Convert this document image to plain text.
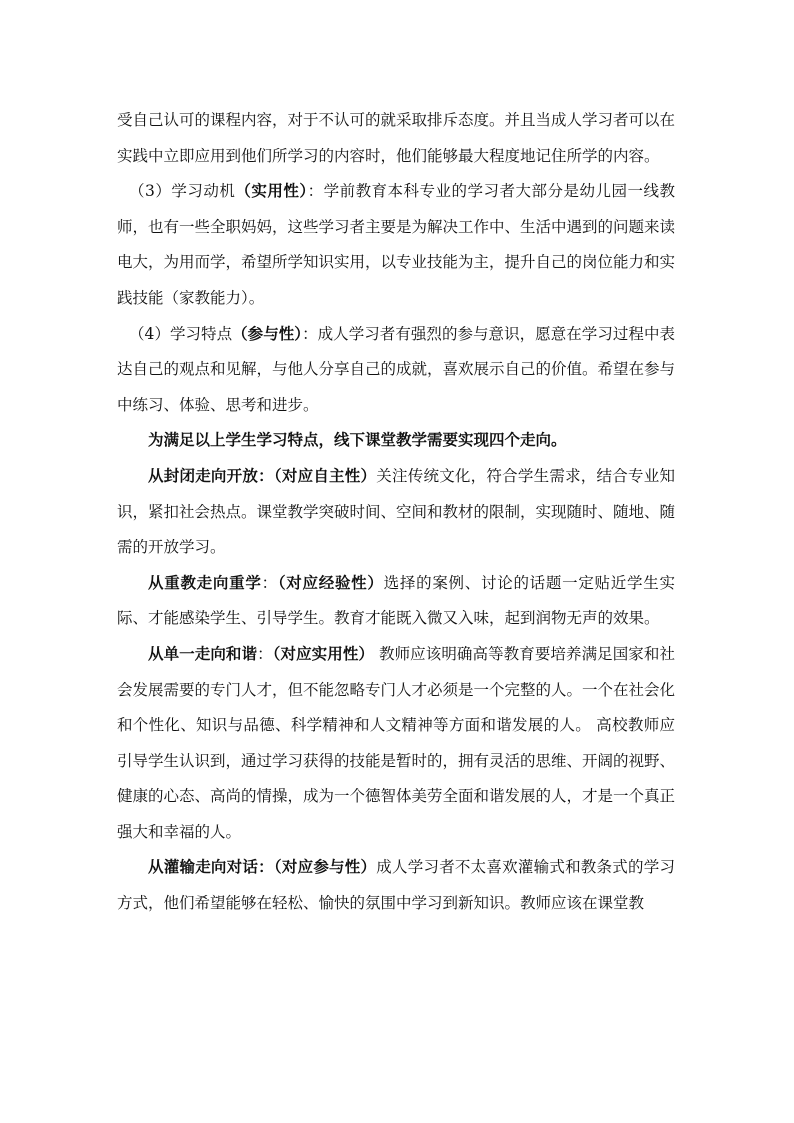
受自己认可的课程内容，对于不认可的就采取排斥态度。并且当成人学习者可以在实践中立即应用到他们所学习的内容时，他们能够最大程度地记住所学的内容。

（3）学习动机（实用性）：学前教育本科专业的学习者大部分是幼儿园一线教师，也有一些全职妈妈，这些学习者主要是为解决工作中、生活中遇到的问题来读电大，为用而学，希望所学知识实用，以专业技能为主，提升自己的岗位能力和实践技能（家教能力）。

（4）学习特点（参与性）：成人学习者有强烈的参与意识，愿意在学习过程中表达自己的观点和见解，与他人分享自己的成就，喜欢展示自己的价值。希望在参与中练习、体验、思考和进步。

为满足以上学生学习特点，线下课堂教学需要实现四个走向。

从封闭走向开放：（对应自主性）关注传统文化，符合学生需求，结合专业知识，紧扣社会热点。课堂教学突破时间、空间和教材的限制，实现随时、随地、随需的开放学习。

从重教走向重学：（对应经验性）选择的案例、讨论的话题一定贴近学生实际、才能感染学生、引导学生。教育才能既入微又入味，起到润物无声的效果。

从单一走向和谐：（对应实用性） 教师应该明确高等教育要培养满足国家和社会发展需要的专门人才，但不能忽略专门人才必须是一个完整的人。一个在社会化和个性化、知识与品德、科学精神和人文精神等方面和谐发展的人。 高校教师应引导学生认识到，通过学习获得的技能是暂时的，拥有灵活的思维、开阔的视野、健康的心态、高尚的情操，成为一个德智体美劳全面和谐发展的人，才是一个真正强大和幸福的人。

从灌输走向对话：（对应参与性）成人学习者不太喜欢灌输式和教条式的学习方式，他们希望能够在轻松、愉快的氛围中学习到新知识。教师应该在课堂教
